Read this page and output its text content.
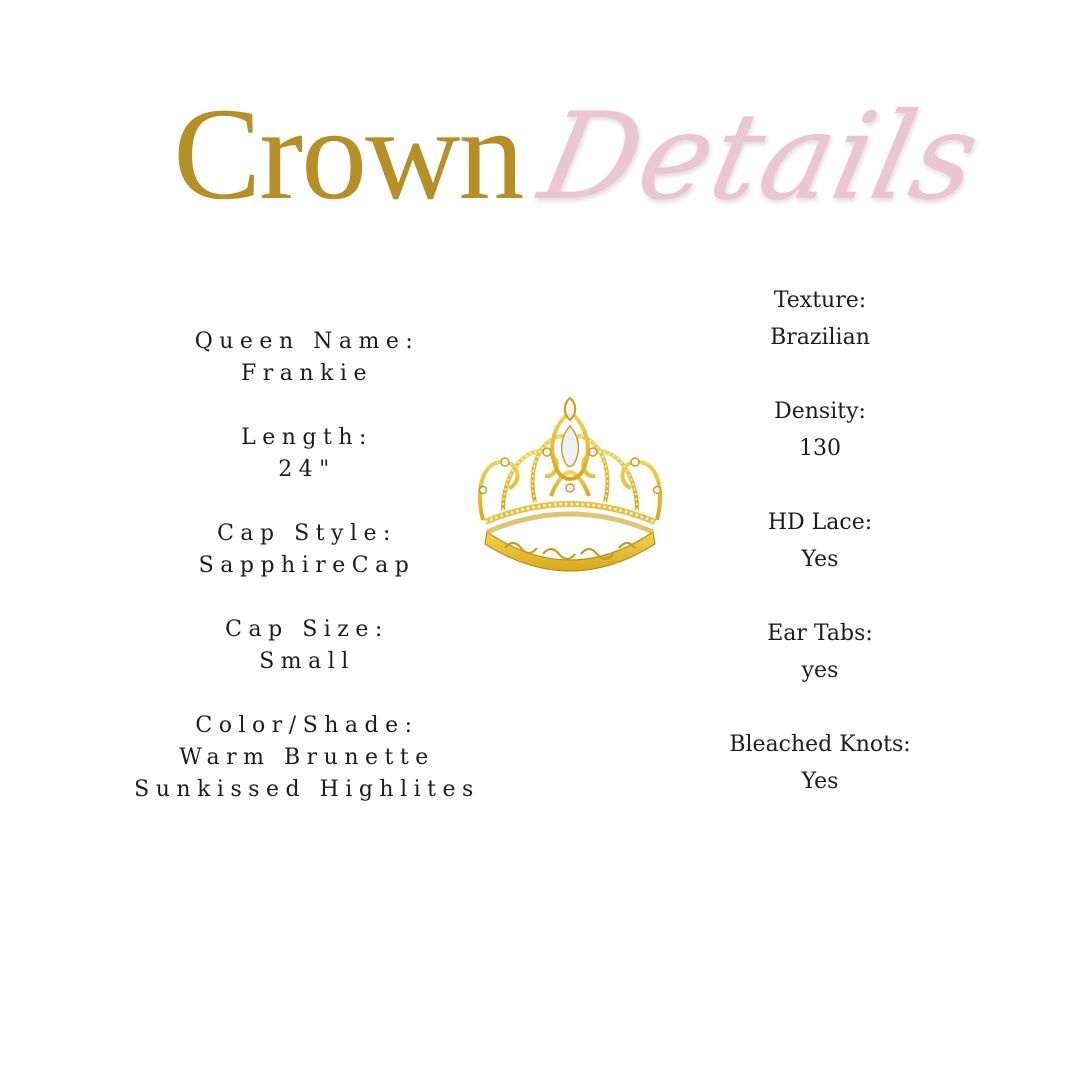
Crown Details
Queen Name:
Frankie
Length:
24"
Cap Style:
SapphireCap
Cap Size:
Small
Color/Shade:
Warm Brunette
Sunkissed Highlites
Texture:
Brazilian
Density:
130
HD Lace:
Yes
Ear Tabs:
yes
Bleached Knots:
Yes
